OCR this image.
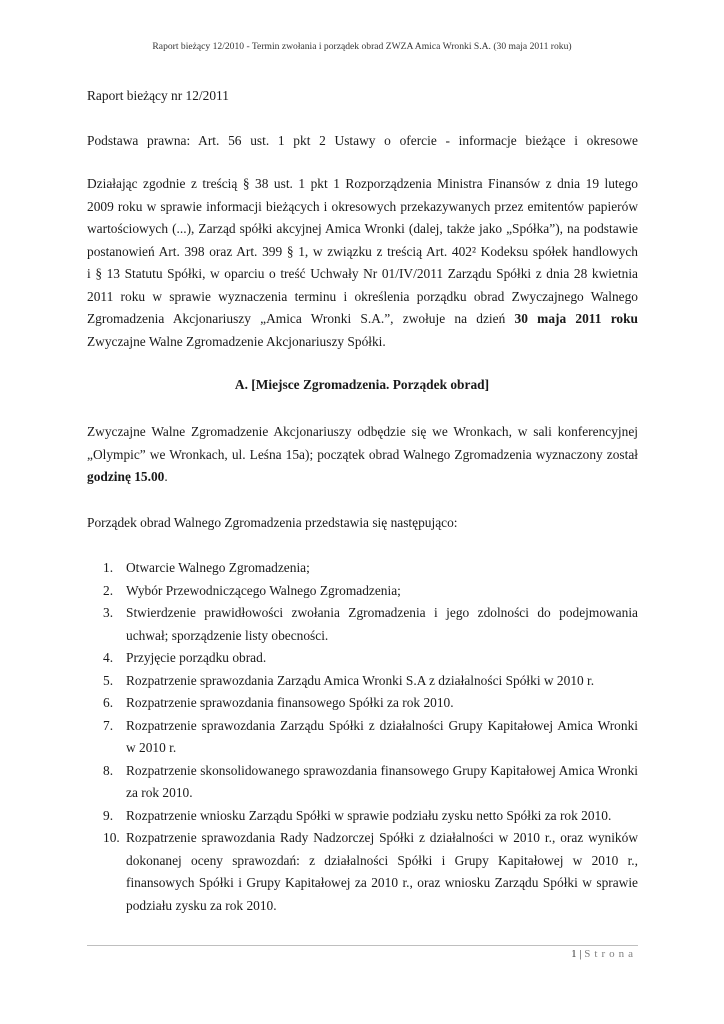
Raport bieżący 12/2010 - Termin zwołania i porządek obrad ZWZA Amica Wronki S.A. (30 maja 2011 roku)
Raport bieżący nr 12/2011
Podstawa prawna: Art. 56 ust. 1 pkt 2 Ustawy o ofercie - informacje bieżące i okresowe
Działając zgodnie z treścią § 38 ust. 1 pkt 1 Rozporządzenia Ministra Finansów z dnia 19 lutego
2009 roku w sprawie informacji bieżących i okresowych przekazywanych przez emitentów papierów
wartościowych (...), Zarząd spółki akcyjnej Amica Wronki (dalej, także jako „Spółka”), na podstawie
postanowień Art. 398 oraz Art. 399 § 1, w związku z treścią Art. 402² Kodeksu spółek handlowych
i § 13 Statutu Spółki, w oparciu o treść Uchwały Nr 01/IV/2011 Zarządu Spółki z dnia 28 kwietnia
2011 roku w sprawie wyznaczenia terminu i określenia porządku obrad Zwyczajnego Walnego
Zgromadzenia Akcjonariuszy „Amica Wronki S.A.”, zwołuje na dzień 30 maja 2011 roku
Zwyczajne Walne Zgromadzenie Akcjonariuszy Spółki.
A. [Miejsce Zgromadzenia. Porządek obrad]
Zwyczajne Walne Zgromadzenie Akcjonariuszy odbędzie się we Wronkach, w sali konferencyjnej
„Olympic” we Wronkach, ul. Leśna 15a); początek obrad Walnego Zgromadzenia wyznaczony został
godzinę 15.00.
Porządek obrad Walnego Zgromadzenia przedstawia się następująco:
1. Otwarcie Walnego Zgromadzenia;
2. Wybór Przewodniczącego Walnego Zgromadzenia;
3. Stwierdzenie prawidłowości zwołania Zgromadzenia i jego zdolności do podejmowania
uchwał; sporządzenie listy obecności.
4. Przyjęcie porządku obrad.
5. Rozpatrzenie sprawozdania Zarządu Amica Wronki S.A z działalności Spółki w 2010 r.
6. Rozpatrzenie sprawozdania finansowego Spółki za rok 2010.
7. Rozpatrzenie sprawozdania Zarządu Spółki z działalności Grupy Kapitałowej Amica Wronki
w 2010 r.
8. Rozpatrzenie skonsolidowanego sprawozdania finansowego Grupy Kapitałowej Amica Wronki
za rok 2010.
9. Rozpatrzenie wniosku Zarządu Spółki w sprawie podziału zysku netto Spółki za rok 2010.
10. Rozpatrzenie sprawozdania Rady Nadzorczej Spółki z działalności w 2010 r., oraz wyników
dokonanej oceny sprawozdań: z działalności Spółki i Grupy Kapitałowej w 2010 r.,
finansowych Spółki i Grupy Kapitałowej za 2010 r., oraz wniosku Zarządu Spółki w sprawie
podziału zysku za rok 2010.
1 | Strona
